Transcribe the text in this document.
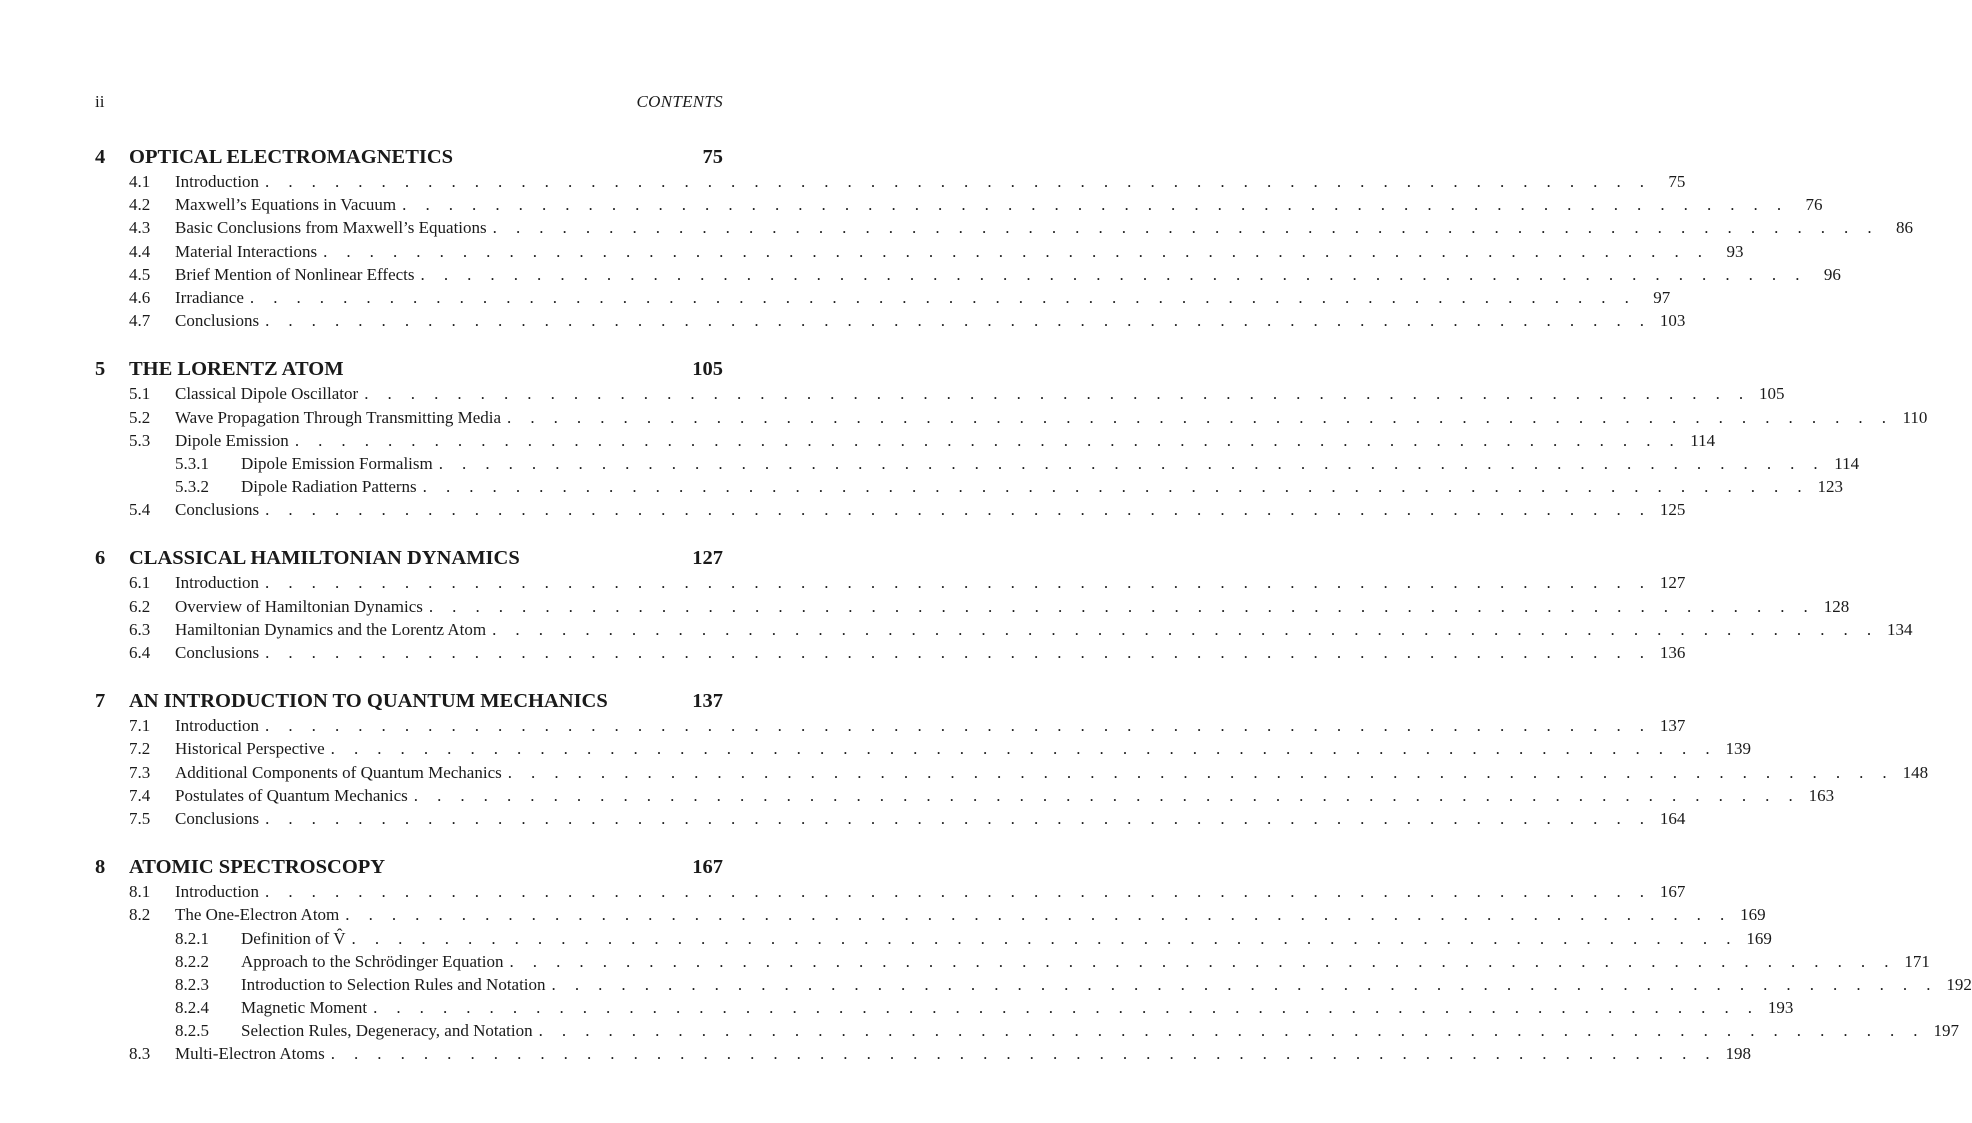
ii	CONTENTS
4	OPTICAL ELECTROMAGNETICS	75
4.1	Introduction . . . . . . . . . . . . . . . . . . . . . . . . . . . . . . . . . . . . . . . . . . . . . . . . . . . . . . . . . . . .	75
4.2	Maxwell’s Equations in Vacuum . . . . . . . . . . . . . . . . . . . . . . . . . . . . . . . . . . . . . . . . . . . . . . . . . . . . . . . . . . . .	76
4.3	Basic Conclusions from Maxwell’s Equations . . . . . . . . . . . . . . . . . . . . . . . . . . . . . . . . . . . . . . . . . . . . . . . . . . . . . . . . . . . .	86
4.4	Material Interactions . . . . . . . . . . . . . . . . . . . . . . . . . . . . . . . . . . . . . . . . . . . . . . . . . . . . . . . . . . . .	93
4.5	Brief Mention of Nonlinear Effects . . . . . . . . . . . . . . . . . . . . . . . . . . . . . . . . . . . . . . . . . . . . . . . . . . . . . . . . . . . .	96
4.6	Irradiance . . . . . . . . . . . . . . . . . . . . . . . . . . . . . . . . . . . . . . . . . . . . . . . . . . . . . . . . . . . .	97
4.7	Conclusions . . . . . . . . . . . . . . . . . . . . . . . . . . . . . . . . . . . . . . . . . . . . . . . . . . . . . . . . . . . . 103
5	THE LORENTZ ATOM	105
5.1	Classical Dipole Oscillator . . . . . . . . . . . . . . . . . . . . . . . . . . . . . . . . . . . . . . . . . . . . . . . . . . . . . . . . . . . . 105
5.2	Wave Propagation Through Transmitting Media . . . . . . . . . . . . . . . . . . . . . . . . . . . . . . . . . . . . . . . . . . . . . . . . . . . . . . . . . . . . 110
5.3	Dipole Emission . . . . . . . . . . . . . . . . . . . . . . . . . . . . . . . . . . . . . . . . . . . . . . . . . . . . . . . . . . . . 114
5.3.1	Dipole Emission Formalism . . . . . . . . . . . . . . . . . . . . . . . . . . . . . . . . . . . . . . . . . . . . . . . . . . . . . . . . . . . . 114
5.3.2	Dipole Radiation Patterns . . . . . . . . . . . . . . . . . . . . . . . . . . . . . . . . . . . . . . . . . . . . . . . . . . . . . . . . . . . . 123
5.4	Conclusions . . . . . . . . . . . . . . . . . . . . . . . . . . . . . . . . . . . . . . . . . . . . . . . . . . . . . . . . . . . . 125
6	CLASSICAL HAMILTONIAN DYNAMICS	127
6.1	Introduction . . . . . . . . . . . . . . . . . . . . . . . . . . . . . . . . . . . . . . . . . . . . . . . . . . . . . . . . . . . . 127
6.2	Overview of Hamiltonian Dynamics . . . . . . . . . . . . . . . . . . . . . . . . . . . . . . . . . . . . . . . . . . . . . . . . . . . . . . . . . . . . 128
6.3	Hamiltonian Dynamics and the Lorentz Atom . . . . . . . . . . . . . . . . . . . . . . . . . . . . . . . . . . . . . . . . . . . . . . . . . . . . . . . . . . . . 134
6.4	Conclusions . . . . . . . . . . . . . . . . . . . . . . . . . . . . . . . . . . . . . . . . . . . . . . . . . . . . . . . . . . . . 136
7	AN INTRODUCTION TO QUANTUM MECHANICS	137
7.1	Introduction . . . . . . . . . . . . . . . . . . . . . . . . . . . . . . . . . . . . . . . . . . . . . . . . . . . . . . . . . . . . 137
7.2	Historical Perspective . . . . . . . . . . . . . . . . . . . . . . . . . . . . . . . . . . . . . . . . . . . . . . . . . . . . . . . . . . . . 139
7.3	Additional Components of Quantum Mechanics . . . . . . . . . . . . . . . . . . . . . . . . . . . . . . . . . . . . . . . . . . . . . . . . . . . . . . . . . . . . 148
7.4	Postulates of Quantum Mechanics . . . . . . . . . . . . . . . . . . . . . . . . . . . . . . . . . . . . . . . . . . . . . . . . . . . . . . . . . . . . 163
7.5	Conclusions . . . . . . . . . . . . . . . . . . . . . . . . . . . . . . . . . . . . . . . . . . . . . . . . . . . . . . . . . . . . 164
8	ATOMIC SPECTROSCOPY	167
8.1	Introduction . . . . . . . . . . . . . . . . . . . . . . . . . . . . . . . . . . . . . . . . . . . . . . . . . . . . . . . . . . . . 167
8.2	The One-Electron Atom . . . . . . . . . . . . . . . . . . . . . . . . . . . . . . . . . . . . . . . . . . . . . . . . . . . . . . . . . . . . 169
8.2.1	Definition of V̂ . . . . . . . . . . . . . . . . . . . . . . . . . . . . . . . . . . . . . . . . . . . . . . . . . . . . . . . . . . . . 169
8.2.2	Approach to the Schrödinger Equation . . . . . . . . . . . . . . . . . . . . . . . . . . . . . . . . . . . . . . . . . . . . . . . . . . . . . . . . . . . . 171
8.2.3	Introduction to Selection Rules and Notation . . . . . . . . . . . . . . . . . . . . . . . . . . . . . . . . . . . . . . . . . . . . . . . . . . . . . . . . . . . . 192
8.2.4	Magnetic Moment . . . . . . . . . . . . . . . . . . . . . . . . . . . . . . . . . . . . . . . . . . . . . . . . . . . . . . . . . . . . 193
8.2.5	Selection Rules, Degeneracy, and Notation . . . . . . . . . . . . . . . . . . . . . . . . . . . . . . . . . . . . . . . . . . . . . . . . . . . . . . . . . . . . 197
8.3	Multi-Electron Atoms . . . . . . . . . . . . . . . . . . . . . . . . . . . . . . . . . . . . . . . . . . . . . . . . . . . . . . . . . . . . 198
